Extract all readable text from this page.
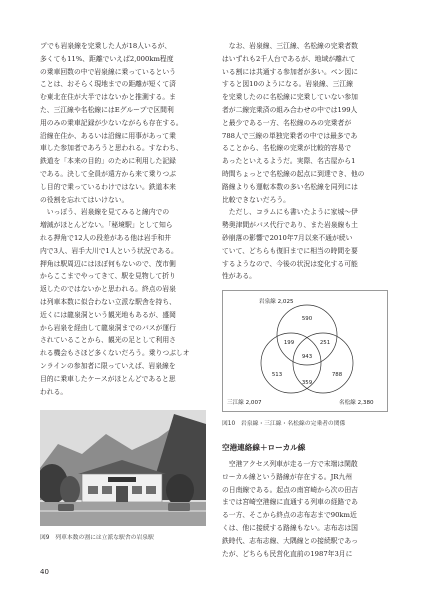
プでも岩泉線を完乗した人が18人いるが、
多くても11%、距離でいえば2,000km程度
の乗車回数の中で岩泉線に乗っているという
ことは、おそらく現地までの距離が短くて済
む東北在住が大半ではないかと推測する。ま
た、三江線や名松線にはEグループで区間利
用のみの乗車記録が少ないながらも存在する。
沿線在住か、あるいは沿線に用事があって乗
車した参加者であろうと思われる。すなわち、
鉄道を「本来の目的」のために利用した記録
である。決して全員が遠方から来て乗りつぶ
し目的で乗っているわけではない。鉄道本来
の役割を忘れてはいけない。
　いっぽう、岩泉線を見てみると線内での
増減がほとんどない。「秘境駅」として知ら
れる押角で12人の段差がある他は岩手和井
内で3人、岩手大川で1人という状況である。
押角は駅周辺にはほぼ何もないので、茂市側
からここまでやってきて、駅を見物して折り
返したのではないかと思われる。終点の岩泉
は列車本数に似合わない立派な駅舎を持ち、
近くには龍泉洞という観光地もあるが、盛岡
から岩泉を経由して龍泉洞までのバスが運行
されていることから、観光の足として利用さ
れる機会もさほど多くないだろう。乗りつぶしオ
ンラインの参加者に限っていえば、岩泉線を
目的に乗車したケースがほとんどであると思
われる。
図9　列車本数の割には立派な駅舎の岩泉駅
　なお、岩泉線、三江線、名松線の完乗者数
はいずれも2千人台であるが、地域が離れて
いる割には共通する参加者が多い。ベン図に
すると図10のようになる。岩泉線、三江線
を完乗したのに名松線に完乗していない参加
者が二線完乗済の組み合わせの中では199人
と最少である一方、名松線のみの完乗者が
788人で三線の単独完乗者の中では最多であ
ることから、名松線の完乗が比較的容易で
あったといえるようだ。実際、名古屋から1
時間ちょっとで名松線の起点に到達でき、他の
路線よりも運転本数の多い名松線を同列には
比較できないだろう。
　ただし、コラムにも書いたように家城〜伊
勢奥津間がバス代行であり、また岩泉線も土
砂崩落の影響で2010年7月以来不通が続い
ていて、どちらも復旧までに相当の時間を要
するようなので、今後の状況は変化する可能
性がある。
岩泉線 2,025
三江線 2,007	名松線 2,380
590
199	251
943
513	788
359
図10　岩泉線・三江線・名松線の完乗者の関係
空港連絡線＋ローカル線
　空港アクセス列車が走る一方で末端は閑散
ローカル線という路線が存在する。JR九州
の日南線である。起点の南宮崎から次の田吉
までは宮崎空港線に直通する列車の経路であ
る一方、そこから終点の志布志まで90km近
くは、他に接続する路線もない。志布志は国
鉄時代、志布志線、大隅線との接続駅であっ
たが、どちらも民営化直前の1987年3月に
40
